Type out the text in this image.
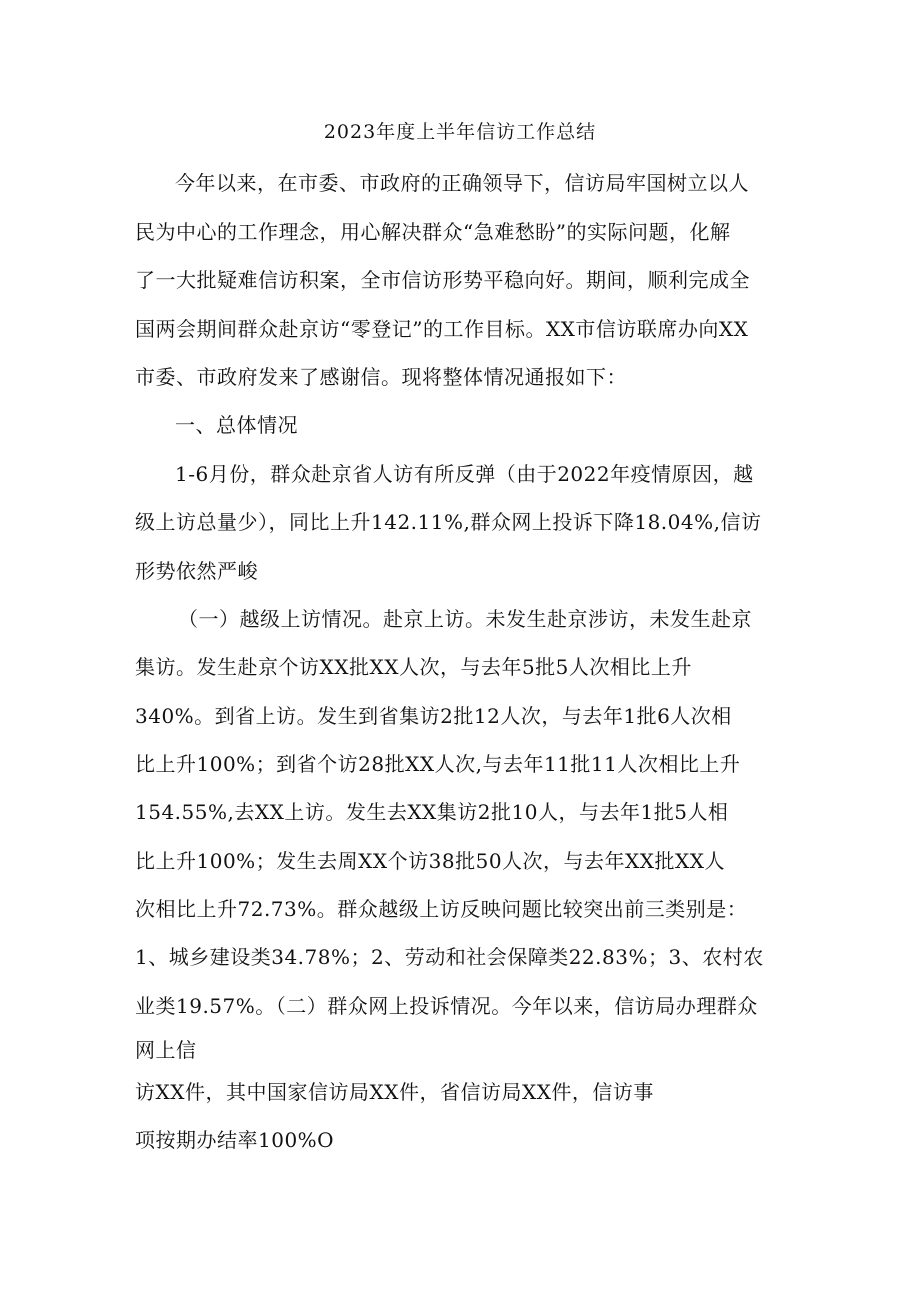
2023年度上半年信访工作总结
今年以来，在市委、市政府的正确领导下，信访局牢国树立以人
民为中心的工作理念，用心解决群众“急难愁盼”的实际问题，化解
了一大批疑难信访积案，全市信访形势平稳向好。期间，顺利完成全
国两会期间群众赴京访“零登记”的工作目标。XX市信访联席办向XX
市委、市政府发来了感谢信。现将整体情况通报如下：
一、总体情况
1-6月份，群众赴京省人访有所反弹（由于2022年疫情原因，越
级上访总量少），同比上升142.11%,群众网上投诉下降18.04%,信访
形势依然严峻
（一）越级上访情况。赴京上访。未发生赴京涉访，未发生赴京
集访。发生赴京个访XX批XX人次，与去年5批5人次相比上升
340%。到省上访。发生到省集访2批12人次，与去年1批6人次相
比上升100%；到省个访28批XX人次,与去年11批11人次相比上升
154.55%,去XX上访。发生去XX集访2批10人，与去年1批5人相
比上升100%；发生去周XX个访38批50人次，与去年XX批XX人
次相比上升72.73%。群众越级上访反映问题比较突出前三类别是：
1、城乡建设类34.78%；2、劳动和社会保障类22.83%；3、农村农
业类19.57%。（二）群众网上投诉情况。今年以来，信访局办理群众
网上信
访XX件，其中国家信访局XX件，省信访局XX件，信访事
项按期办结率100%O
